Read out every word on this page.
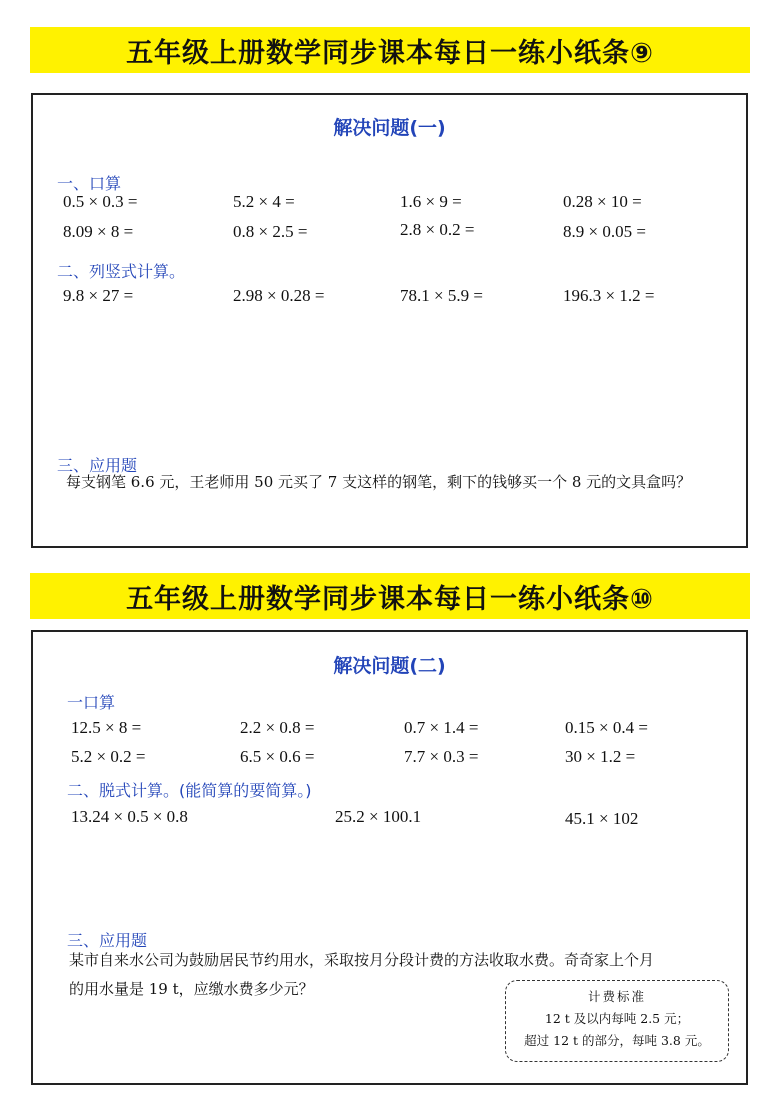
五年级上册数学同步课本每日一练小纸条⑨
解决问题(一)
一、口算
0.5 × 0.3 =	5.2 × 4 =	1.6 × 9 =	0.28 × 10 =
8.09 × 8 =	0.8 × 2.5 =	2.8 × 0.2 =	8.9 × 0.05 =
二、列竖式计算。
9.8 × 27 =	2.98 × 0.28 =	78.1 × 5.9 =	196.3 × 1.2 =
三、应用题
每支钢笔 6.6 元，王老师用 50 元买了 7 支这样的钢笔，剩下的钱够买一个 8 元的文具盒吗？
五年级上册数学同步课本每日一练小纸条⑩
解决问题(二)
一口算
12.5 × 8 =	2.2 × 0.8 =	0.7 × 1.4 =	0.15 × 0.4 =
5.2 × 0.2 =	6.5 × 0.6 =	7.7 × 0.3 =	30 × 1.2 =
二、脱式计算。(能简算的要简算。)
13.24 × 0.5 × 0.8	25.2 × 100.1	45.1 × 102
三、应用题
某市自来水公司为鼓励居民节约用水，采取按月分段计费的方法收取水费。奇奇家上个月
的用水量是 19 t，应缴水费多少元？	计费标准
12 t 及以内每吨 2.5 元；
超过 12 t 的部分，每吨 3.8 元。
